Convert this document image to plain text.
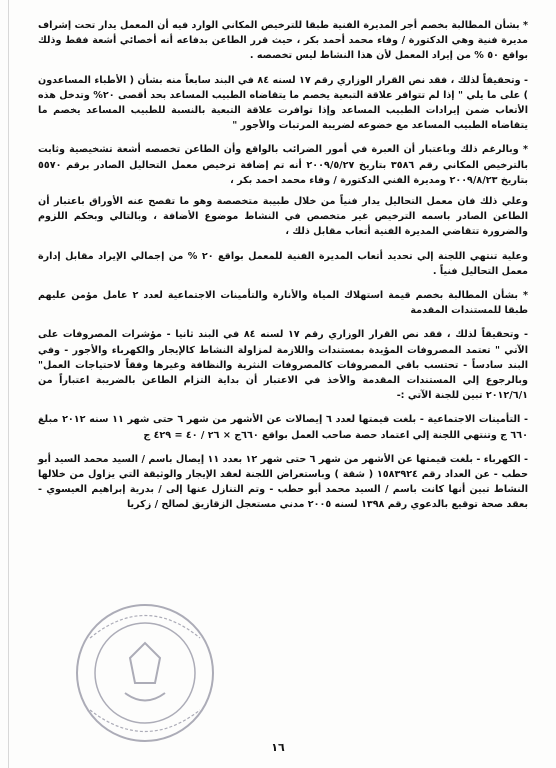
* بشأن المطالبة بخصم أجر المديرة الفنية طبقا للترخيص المكاني الوارد فيه أن المعمل يدار تحت إشراف مديرة فنية وهي الدكتورة / وفاء محمد أحمد بكر ، حيث قرر الطاعن بدفاعه أنه أخصائي أشعة فقط وذلك بواقع ٥٠ % من إيراد المعمل لأن هذا النشاط ليس تخصصه .

- وتحقيقاً لذلك ، فقد نص القرار الوزاري رقم ١٧ لسنه ٨٤ في البند سابعاً منه بشأن ( الأطباء المساعدون ) على ما يلي " إذا لم تتوافر علاقة التبعية يخصم ما يتقاضاه الطبيب المساعد بحد أقصى ٢٠% وتدخل هذه الأتعاب ضمن إيرادات الطبيب المساعد وإذا توافرت علاقة التبعية بالنسبة للطبيب المساعد يخصم ما يتقاضاه الطبيب المساعد مع خضوعه لضريبة المرتبات والأجور "

* وبالرغم ذلك وباعتبار أن العبرة في أمور الضرائب بالواقع وأن الطاعن تخصصه أشعة تشخيصية وثابت بالترخيص المكاني رقم ٣٥٨٦ بتاريخ ٢٠٠٩/٥/٢٧ أنه تم إضافة ترخيص معمل التحاليل الصادر برقم ٥٥٧٠ بتاريخ ٢٠٠٩/٨/٢٣ ومديرة الفني الدكتورة / وفاء محمد احمد بكر ،

وعلي ذلك فان معمل التحاليل يدار فنياً من خلال طبيبة متخصصة وهو ما تفصح عنه الأوراق باعتبار أن الطاعن الصادر باسمه الترخيص غير متخصص في النشاط موضوع الأضافة ، وبالتالي وبحكم اللزوم والضرورة تتقاضي المديرة الفنية أتعاب مقابل ذلك ،

وعلية تنتهي اللجنة إلي تحديد أتعاب المديرة الفنية للمعمل بواقع ٢٠ % من إجمالي الإيراد مقابل إدارة معمل التحاليل فنياً .

* بشأن المطالبة بخصم قيمة استهلاك المياة والأنارة والتأمينات الاجتماعية لعدد ٢ عامل مؤمن عليهم طبقا للمستندات المقدمة

- وتحقيقاً لذلك ، فقد نص القرار الوزاري رقم ١٧ لسنه ٨٤ في البند ثانيا - مؤشرات المصروفات على الآتي " تعتمد المصروفات المؤيدة بمستندات واللازمة لمزاولة النشاط كالإيجار والكهرباء والأجور - وفي البند سادساً - تحتسب باقي المصروفات كالمصروفات النثرية والنظافة وغيرها وفقاً لاحتياجات العمل" وبالرجوع إلي المستندات المقدمة والأخذ في الاعتبار أن بداية التزام الطاعن بالضريبة اعتباراً من ٢٠١٢/٦/١ تبين للجنة الآتي :-

- التأمينات الاجتماعية - بلغت قيمتها لعدد ٦ إيصالات عن الأشهر من شهر ٦ حتى شهر ١١ سنه ٢٠١٢ مبلغ ٦٦٠ ج وتنتهي اللجنة إلي اعتماد حصة صاحب العمل بواقع ٦٦٠ج × ٢٦ / ٤٠ = ٤٢٩ ج

- الكهرباء - بلغت قيمتها عن الأشهر من شهر ٦ حتى شهر ١٢ بعدد ١١ إيصال باسم / السيد محمد السيد أبو حطب - عن العداد رقم ١٥٨٣٩٢٤ ( شقة ) وباستعراض اللجنة لعقد الإيجار والوثيقة التي يزاول من خلالها النشاط تبين أنها كانت باسم / السيد محمد أبو حطب - وتم التنازل عنها إلى / بدرية إبراهيم العيسوي - بعقد صحة توقيع بالدعوي رقم ١٣٩٨ لسنه ٢٠٠٥ مدني مستعجل الزقازيق لصالح / زكريا

١٦
